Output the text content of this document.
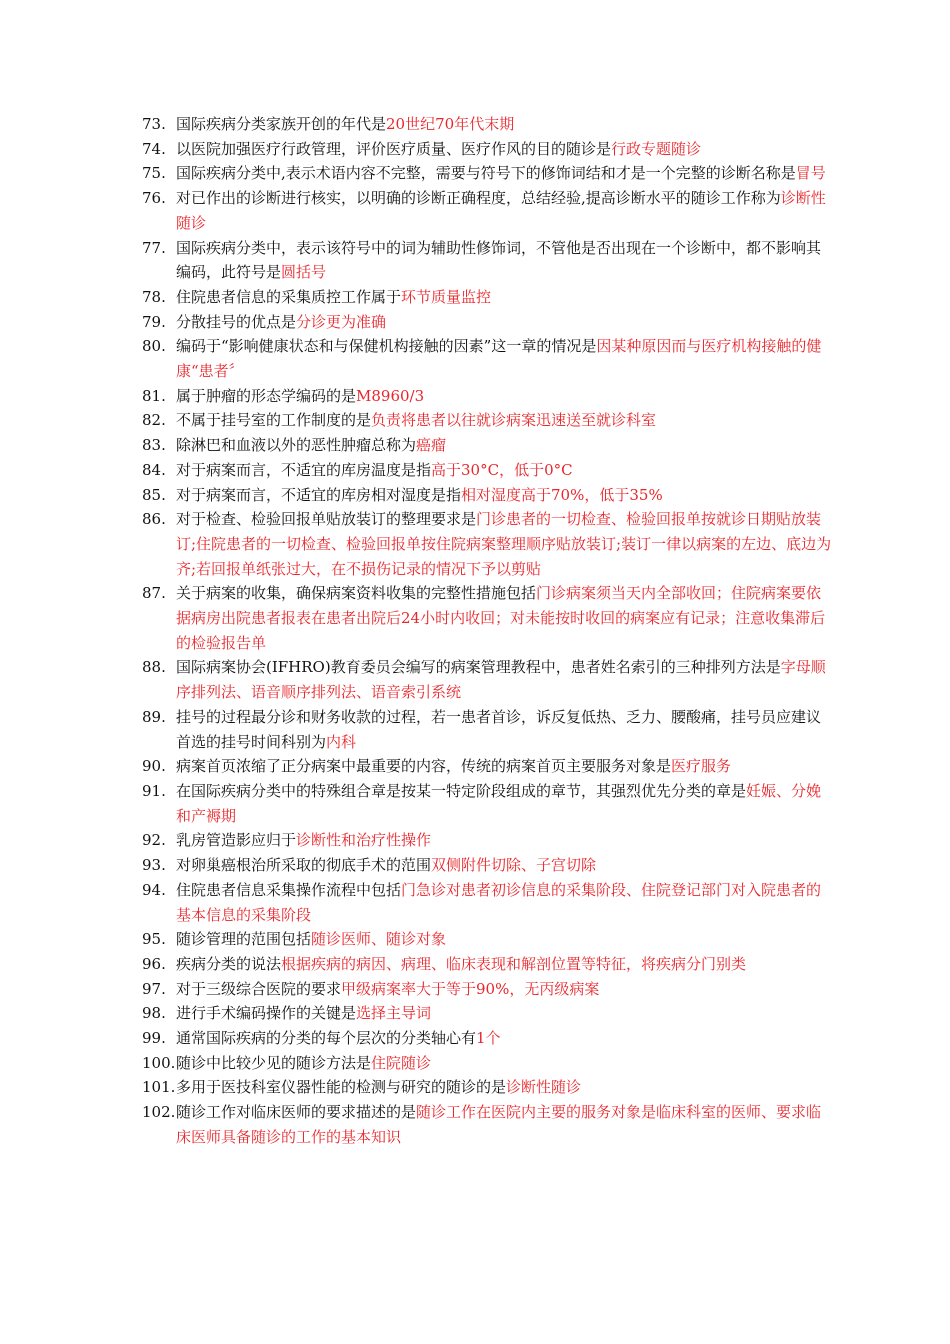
73. 国际疾病分类家族开创的年代是20世纪70年代末期
74. 以医院加强医疗行政管理，评价医疗质量、医疗作风的目的随诊是行政专题随诊
75. 国际疾病分类中,表示术语内容不完整，需要与符号下的修饰词结和才是一个完整的诊断名称是冒号
76. 对已作出的诊断进行核实，以明确的诊断正确程度，总结经验,提高诊断水平的随诊工作称为诊断性随诊
77. 国际疾病分类中，表示该符号中的词为辅助性修饰词，不管他是否出现在一个诊断中，都不影响其编码，此符号是圆括号
78. 住院患者信息的采集质控工作属于环节质量监控
79. 分散挂号的优点是分诊更为准确
80. 编码于“影响健康状态和与保健机构接触的因素”这一章的情况是因某种原因而与医疗机构接触的健康“患者〞
81. 属于肿瘤的形态学编码的是M8960/3
82. 不属于挂号室的工作制度的是负责将患者以往就诊病案迅速送至就诊科室
83. 除淋巴和血液以外的恶性肿瘤总称为癌瘤
84. 对于病案而言，不适宜的库房温度是指高于30°C，低于0°C
85. 对于病案而言，不适宜的库房相对湿度是指相对湿度高于70%，低于35%
86. 对于检查、检验回报单贴放装订的整理要求是门诊患者的一切检查、检验回报单按就诊日期贴放装订;住院患者的一切检查、检验回报单按住院病案整理顺序贴放装订;装订一律以病案的左边、底边为齐;若回报单纸张过大，在不损伤记录的情况下予以剪贴
87. 关于病案的收集，确保病案资料收集的完整性措施包括门诊病案须当天内全部收回；住院病案要依据病房出院患者报表在患者出院后24小时内收回；对未能按时收回的病案应有记录；注意收集滞后的检验报告单
88. 国际病案协会(IFHRO)教育委员会编写的病案管理教程中，患者姓名索引的三种排列方法是字母顺序排列法、语音顺序排列法、语音索引系统
89. 挂号的过程最分诊和财务收款的过程，若一患者首诊，诉反复低热、乏力、腰酸痛，挂号员应建议首选的挂号时间科别为内科
90. 病案首页浓缩了正分病案中最重要的内容，传统的病案首页主要服务对象是医疗服务
91. 在国际疾病分类中的特殊组合章是按某一特定阶段组成的章节，其强烈优先分类的章是妊娠、分娩和产褥期
92. 乳房管造影应归于诊断性和治疗性操作
93. 对卵巢癌根治所采取的彻底手术的范围双侧附件切除、子宫切除
94. 住院患者信息采集操作流程中包括门急诊对患者初诊信息的采集阶段、住院登记部门对入院患者的基本信息的采集阶段
95. 随诊管理的范围包括随诊医师、随诊对象
96. 疾病分类的说法根据疾病的病因、病理、临床表现和解剖位置等特征，将疾病分门别类
97. 对于三级综合医院的要求甲级病案率大于等于90%，无丙级病案
98. 进行手术编码操作的关键是选择主导词
99. 通常国际疾病的分类的每个层次的分类轴心有1个
100. 随诊中比较少见的随诊方法是住院随诊
101. 多用于医技科室仪器性能的检测与研究的随诊的是诊断性随诊
102. 随诊工作对临床医师的要求描述的是随诊工作在医院内主要的服务对象是临床科室的医师、要求临床医师具备随诊的工作的基本知识
